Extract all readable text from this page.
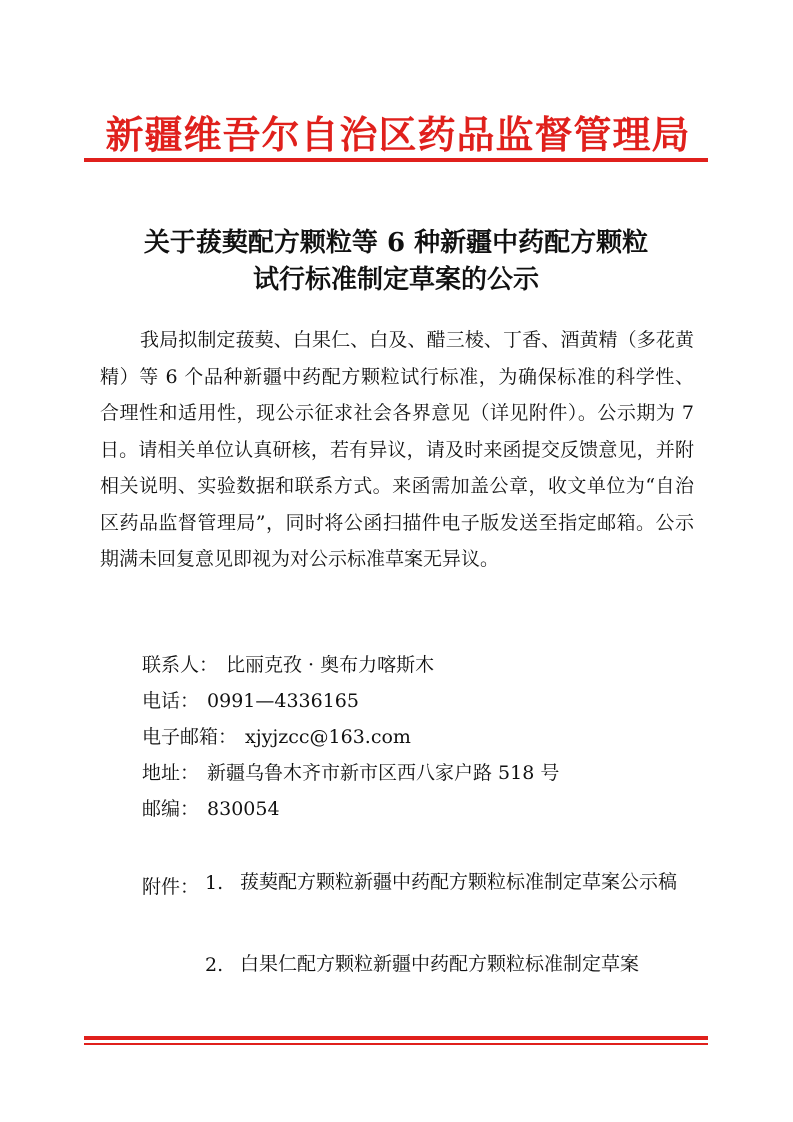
新疆维吾尔自治区药品监督管理局
关于菝葜配方颗粒等 6 种新疆中药配方颗粒
试行标准制定草案的公示
我局拟制定菝葜、白果仁、白及、醋三棱、丁香、酒黄精（多花黄精）等 6 个品种新疆中药配方颗粒试行标准，为确保标准的科学性、合理性和适用性，现公示征求社会各界意见（详见附件）。公示期为 7 日。请相关单位认真研核，若有异议，请及时来函提交反馈意见，并附相关说明、实验数据和联系方式。来函需加盖公章，收文单位为“自治区药品监督管理局”，同时将公函扫描件电子版发送至指定邮箱。公示期满未回复意见即视为对公示标准草案无异议。
联系人： 比丽克孜 · 奥布力喀斯木
电话： 0991—4336165
电子邮箱： xjyjzcc@163.com
地址： 新疆乌鲁木齐市新市区西八家户路 518 号
邮编： 830054
附件： 1. 菝葜配方颗粒新疆中药配方颗粒标准制定草案公示稿
2. 白果仁配方颗粒新疆中药配方颗粒标准制定草案
